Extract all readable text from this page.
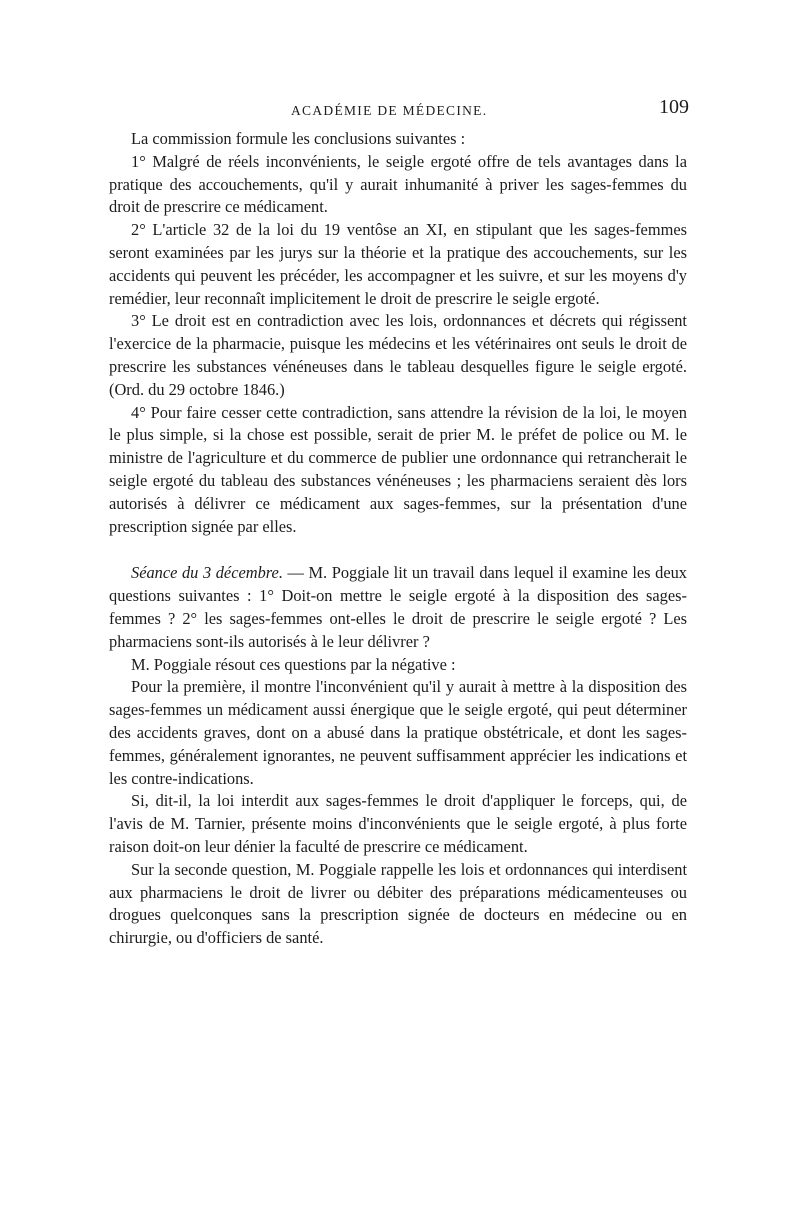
ACADÉMIE DE MÉDECINE.	109

La commission formule les conclusions suivantes :

1° Malgré de réels inconvénients, le seigle ergoté offre de tels avantages dans la pratique des accouchements, qu'il y aurait inhumanité à priver les sages-femmes du droit de prescrire ce médicament.

2° L'article 32 de la loi du 19 ventôse an XI, en stipulant que les sages-femmes seront examinées par les jurys sur la théorie et la pratique des accouchements, sur les accidents qui peuvent les précéder, les accompagner et les suivre, et sur les moyens d'y remédier, leur reconnaît implicitement le droit de prescrire le seigle ergoté.

3° Le droit est en contradiction avec les lois, ordonnances et décrets qui régissent l'exercice de la pharmacie, puisque les médecins et les vétérinaires ont seuls le droit de prescrire les substances vénéneuses dans le tableau desquelles figure le seigle ergoté. (Ord. du 29 octobre 1846.)

4° Pour faire cesser cette contradiction, sans attendre la révision de la loi, le moyen le plus simple, si la chose est possible, serait de prier M. le préfet de police ou M. le ministre de l'agriculture et du commerce de publier une ordonnance qui retrancherait le seigle ergoté du tableau des substances vénéneuses ; les pharmaciens seraient dès lors autorisés à délivrer ce médicament aux sages-femmes, sur la présentation d'une prescription signée par elles.

Séance du 3 décembre. — M. Poggiale lit un travail dans lequel il examine les deux questions suivantes : 1° Doit-on mettre le seigle ergoté à la disposition des sages-femmes ? 2° les sages-femmes ont-elles le droit de prescrire le seigle ergoté ? Les pharmaciens sont-ils autorisés à le leur délivrer ?

M. Poggiale résout ces questions par la négative :

Pour la première, il montre l'inconvénient qu'il y aurait à mettre à la disposition des sages-femmes un médicament aussi énergique que le seigle ergoté, qui peut déterminer des accidents graves, dont on a abusé dans la pratique obstétricale, et dont les sages-femmes, généralement ignorantes, ne peuvent suffisamment apprécier les indications et les contre-indications.

Si, dit-il, la loi interdit aux sages-femmes le droit d'appliquer le forceps, qui, de l'avis de M. Tarnier, présente moins d'inconvénients que le seigle ergoté, à plus forte raison doit-on leur dénier la faculté de prescrire ce médicament.

Sur la seconde question, M. Poggiale rappelle les lois et ordonnances qui interdisent aux pharmaciens le droit de livrer ou débiter des préparations médicamenteuses ou drogues quelconques sans la prescription signée de docteurs en médecine ou en chirurgie, ou d'officiers de santé.
